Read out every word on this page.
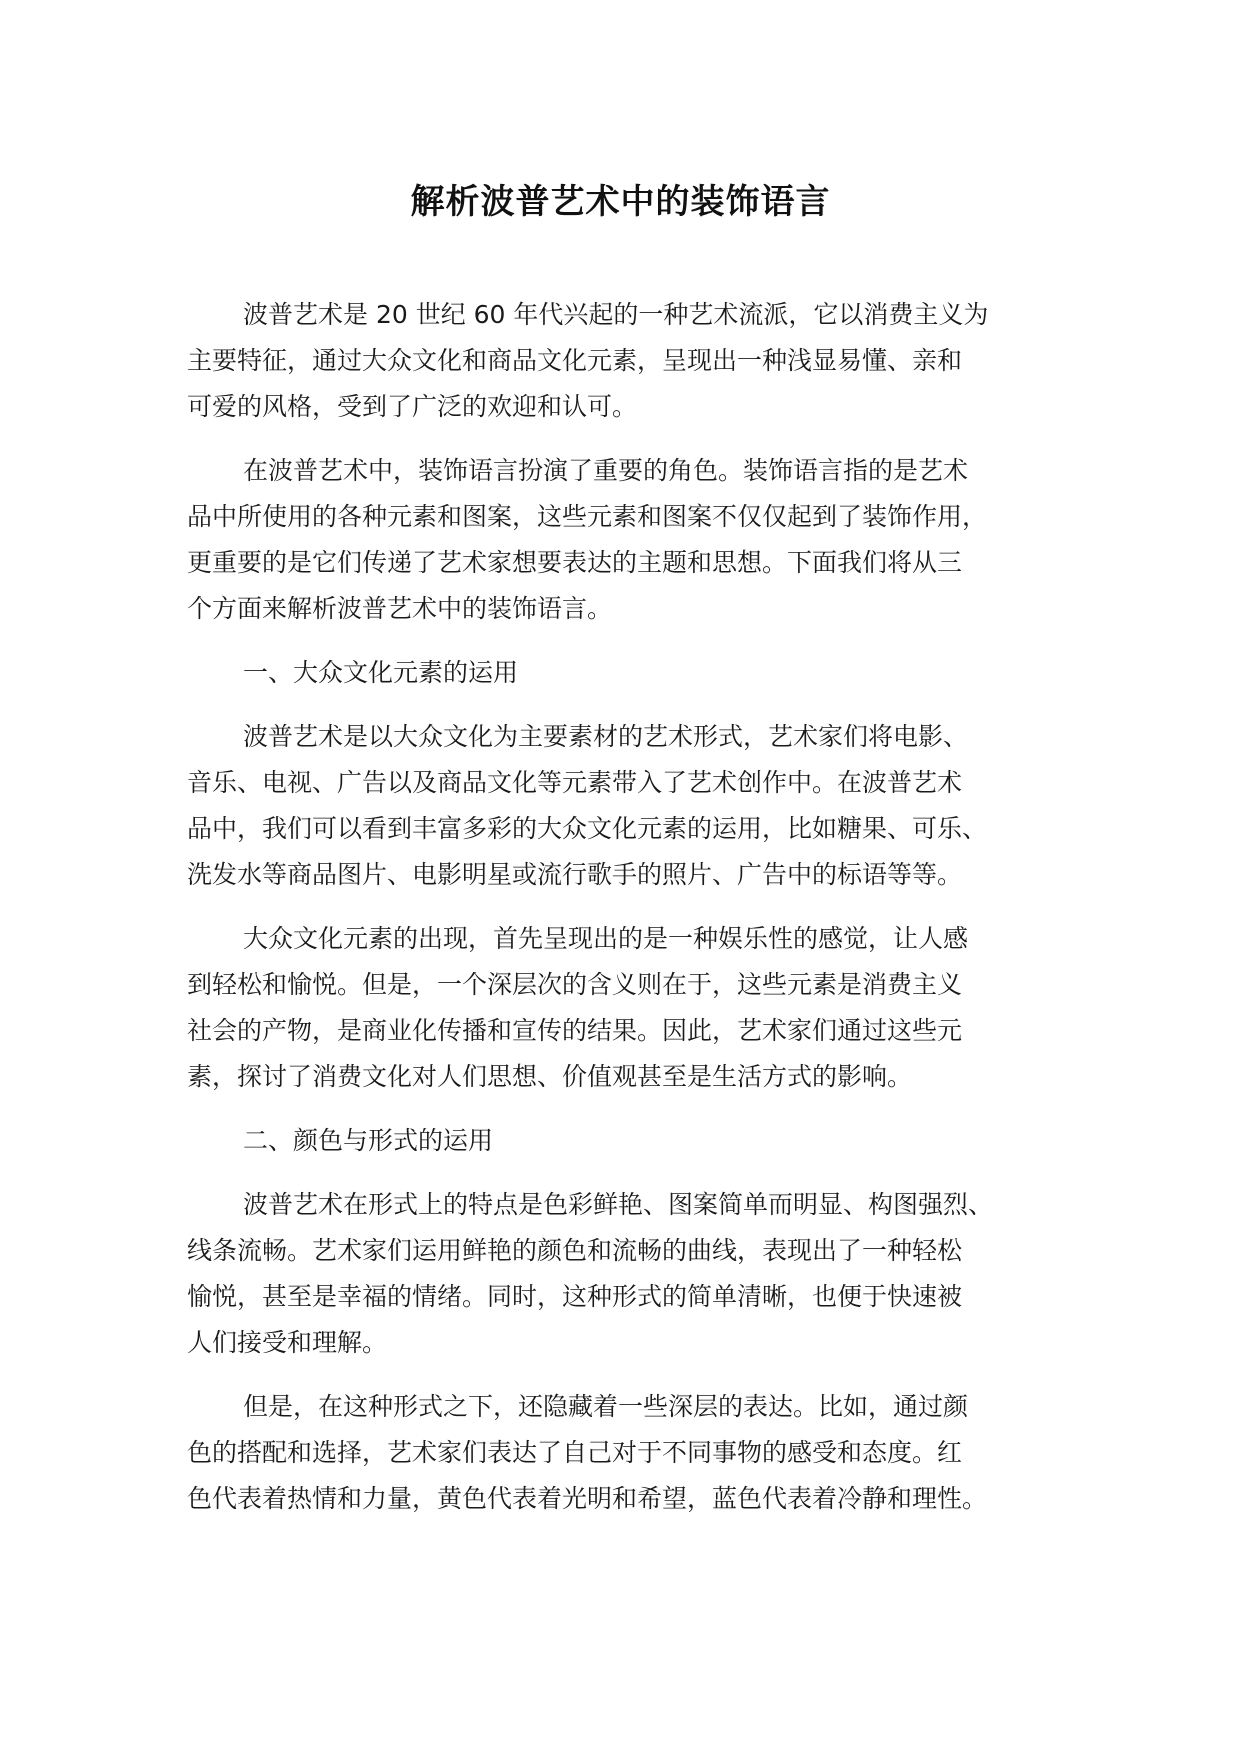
解析波普艺术中的装饰语言
波普艺术是 20 世纪 60 年代兴起的一种艺术流派，它以消费主义为
主要特征，通过大众文化和商品文化元素，呈现出一种浅显易懂、亲和
可爱的风格，受到了广泛的欢迎和认可。
在波普艺术中，装饰语言扮演了重要的角色。装饰语言指的是艺术
品中所使用的各种元素和图案，这些元素和图案不仅仅起到了装饰作用，
更重要的是它们传递了艺术家想要表达的主题和思想。下面我们将从三
个方面来解析波普艺术中的装饰语言。
一、大众文化元素的运用
波普艺术是以大众文化为主要素材的艺术形式，艺术家们将电影、
音乐、电视、广告以及商品文化等元素带入了艺术创作中。在波普艺术
品中，我们可以看到丰富多彩的大众文化元素的运用，比如糖果、可乐、
洗发水等商品图片、电影明星或流行歌手的照片、广告中的标语等等。
大众文化元素的出现，首先呈现出的是一种娱乐性的感觉，让人感
到轻松和愉悦。但是，一个深层次的含义则在于，这些元素是消费主义
社会的产物，是商业化传播和宣传的结果。因此，艺术家们通过这些元
素，探讨了消费文化对人们思想、价值观甚至是生活方式的影响。
二、颜色与形式的运用
波普艺术在形式上的特点是色彩鲜艳、图案简单而明显、构图强烈、
线条流畅。艺术家们运用鲜艳的颜色和流畅的曲线，表现出了一种轻松
愉悦，甚至是幸福的情绪。同时，这种形式的简单清晰，也便于快速被
人们接受和理解。
但是，在这种形式之下，还隐藏着一些深层的表达。比如，通过颜
色的搭配和选择，艺术家们表达了自己对于不同事物的感受和态度。红
色代表着热情和力量，黄色代表着光明和希望，蓝色代表着冷静和理性。
